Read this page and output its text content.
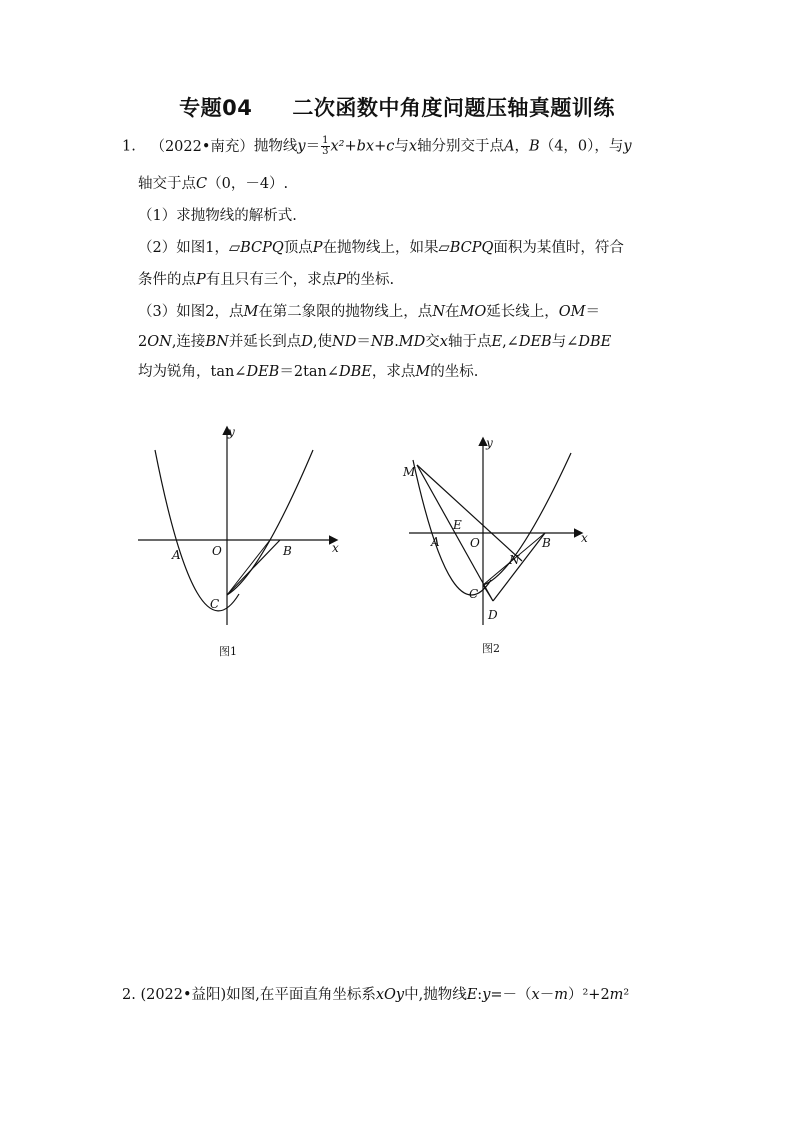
专题04 二次函数中角度问题压轴真题训练
1. （2022•南充）抛物线$y= \frac{1}{3} x^2+bx+c$与x轴分别交于点A，B（4，0），与y
轴交于点C（0，－4）.
（1）求抛物线的解析式.
（2）如图1，▱BCPQ顶点P在抛物线上，如果▱BCPQ面积为某值时，符合
条件的点P有且只有三个，求点P的坐标.
（3）如图2，点M在第二象限的抛物线上，点N在MO延长线上，OM＝
2ON,连接BN并延长到点D,使ND＝NB.MD交x轴于点E,∠DEB与∠DBE
均为锐角，tan∠DEB＝2tan∠DBE，求点M的坐标.
y
x
A	O	B
C
图1
y
x
M
E
A	O
N
B
C
D
图2
2. (2022•益阳)如图,在平面直角坐标系xOy中,抛物线E:y=－（x－m）²+2m²
